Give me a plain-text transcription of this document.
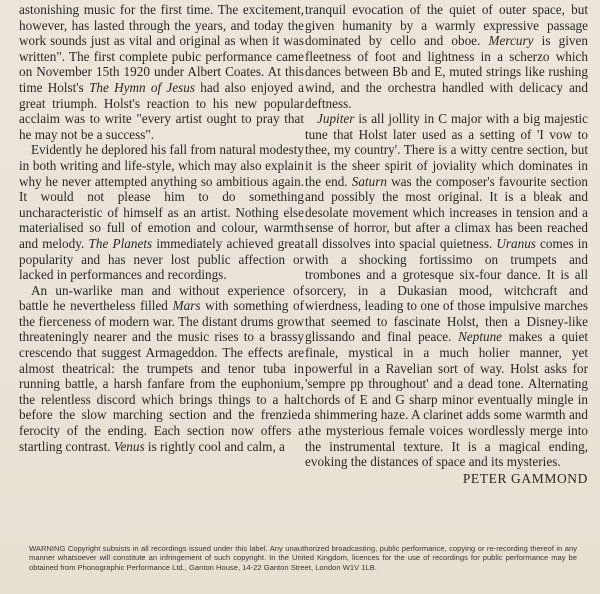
astonishing music for the first time. The excitement, however, has lasted through the years, and today the work sounds just as vital and original as when it was written". The first complete pubic performance came on November 15th 1920 under Albert Coates. At this time Holst's The Hymn of Jesus had also enjoyed a great triumph. Holst's reaction to his new popular acclaim was to write "every artist ought to pray that he may not be a success".

Evidently he deplored his fall from natural modesty in both writing and life-style, which may also explain why he never attempted anything so ambitious again. It would not please him to do something uncharacteristic of himself as an artist. Nothing else materialised so full of emotion and colour, warmth and melody. The Planets immediately achieved great popularity and has never lost public affection or lacked in performances and recordings.

An un-warlike man and without experience of battle he nevertheless filled Mars with something of the fierceness of modern war. The distant drums grow threateningly nearer and the music rises to a brassy crescendo that suggest Armageddon. The effects are almost theatrical: the trumpets and tenor tuba in running battle, a harsh fanfare from the euphonium, the relentless discord which brings things to a halt before the slow marching section and the frenzied ferocity of the ending. Each section now offers a startling contrast. Venus is rightly cool and calm, a

tranquil evocation of the quiet of outer space, but given humanity by a warmly expressive passage dominated by cello and oboe. Mercury is given fleetness of foot and lightness in a scherzo which dances between Bb and E, muted strings like rushing wind, and the orchestra handled with delicacy and deftness.

Jupiter is all jollity in C major with a big majestic tune that Holst later used as a setting of 'I vow to thee, my country'. There is a witty centre section, but it is the sheer spirit of joviality which dominates in the end. Saturn was the composer's favourite section and possibly the most original. It is a bleak and desolate movement which increases in tension and a sense of horror, but after a climax has been reached all dissolves into spacial quietness. Uranus comes in with a shocking fortissimo on trumpets and trombones and a grotesque six-four dance. It is all sorcery, in a Dukasian mood, witchcraft and wierdness, leading to one of those impulsive marches that seemed to fascinate Holst, then a Disney-like glissando and final peace. Neptune makes a quiet finale, mystical in a much holier manner, yet powerful in a Ravelian sort of way. Holst asks for 'sempre pp throughout' and a dead tone. Alternating chords of E and G sharp minor eventually mingle in a shimmering haze. A clarinet adds some warmth and the mysterious female voices wordlessly merge into the instrumental texture. It is a magical ending, evoking the distances of space and its mysteries.

PETER GAMMOND
WARNING Copyright subsists in all recordings issued under this label. Any unauthorized broadcasting, public performance, copying or re-recording thereof in any manner whatsoever will constitute an infringement of such copyright. In the United Kingdom, licences for the use of recordings for public performance may be obtained from Phonographic Performance Ltd., Ganton House, 14-22 Ganton Street, London W1V 1LB.
